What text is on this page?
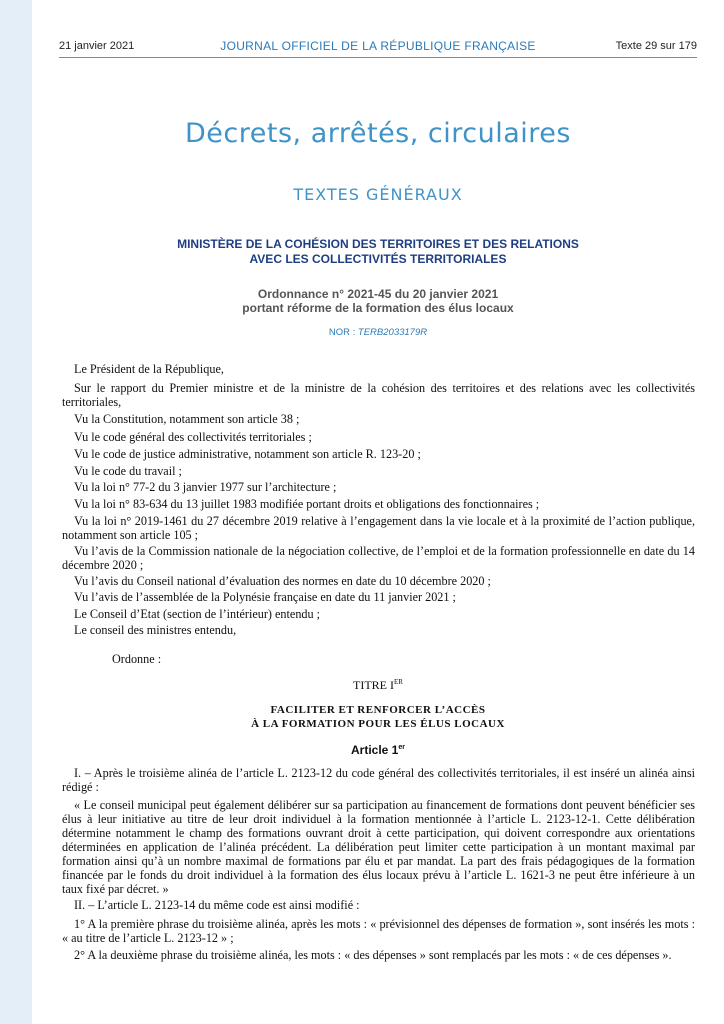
21 janvier 2021	JOURNAL OFFICIEL DE LA RÉPUBLIQUE FRANÇAISE	Texte 29 sur 179
Décrets, arrêtés, circulaires
TEXTES GÉNÉRAUX
MINISTÈRE DE LA COHÉSION DES TERRITOIRES ET DES RELATIONS
AVEC LES COLLECTIVITÉS TERRITORIALES
Ordonnance n° 2021-45 du 20 janvier 2021
portant réforme de la formation des élus locaux
NOR : TERB2033179R
Le Président de la République,
Sur le rapport du Premier ministre et de la ministre de la cohésion des territoires et des relations avec les collectivités territoriales,
Vu la Constitution, notamment son article 38 ;
Vu le code général des collectivités territoriales ;
Vu le code de justice administrative, notamment son article R. 123-20 ;
Vu le code du travail ;
Vu la loi n° 77-2 du 3 janvier 1977 sur l’architecture ;
Vu la loi n° 83-634 du 13 juillet 1983 modifiée portant droits et obligations des fonctionnaires ;
Vu la loi n° 2019-1461 du 27 décembre 2019 relative à l’engagement dans la vie locale et à la proximité de l’action publique, notamment son article 105 ;
Vu l’avis de la Commission nationale de la négociation collective, de l’emploi et de la formation professionnelle en date du 14 décembre 2020 ;
Vu l’avis du Conseil national d’évaluation des normes en date du 10 décembre 2020 ;
Vu l’avis de l’assemblée de la Polynésie française en date du 11 janvier 2021 ;
Le Conseil d’Etat (section de l’intérieur) entendu ;
Le conseil des ministres entendu,
Ordonne :
TITRE IER
FACILITER ET RENFORCER L’ACCÈS
À LA FORMATION POUR LES ÉLUS LOCAUX
Article 1er
I. – Après le troisième alinéa de l’article L. 2123-12 du code général des collectivités territoriales, il est inséré un alinéa ainsi rédigé :
« Le conseil municipal peut également délibérer sur sa participation au financement de formations dont peuvent bénéficier ses élus à leur initiative au titre de leur droit individuel à la formation mentionnée à l’article L. 2123-12-1. Cette délibération détermine notamment le champ des formations ouvrant droit à cette participation, qui doivent correspondre aux orientations déterminées en application de l’alinéa précédent. La délibération peut limiter cette participation à un montant maximal par formation ainsi qu’à un nombre maximal de formations par élu et par mandat. La part des frais pédagogiques de la formation financée par le fonds du droit individuel à la formation des élus locaux prévu à l’article L. 1621-3 ne peut être inférieure à un taux fixé par décret. »
II. – L’article L. 2123-14 du même code est ainsi modifié :
1° A la première phrase du troisième alinéa, après les mots : « prévisionnel des dépenses de formation », sont insérés les mots : « au titre de l’article L. 2123-12 » ;
2° A la deuxième phrase du troisième alinéa, les mots : « des dépenses » sont remplacés par les mots : « de ces dépenses ».
